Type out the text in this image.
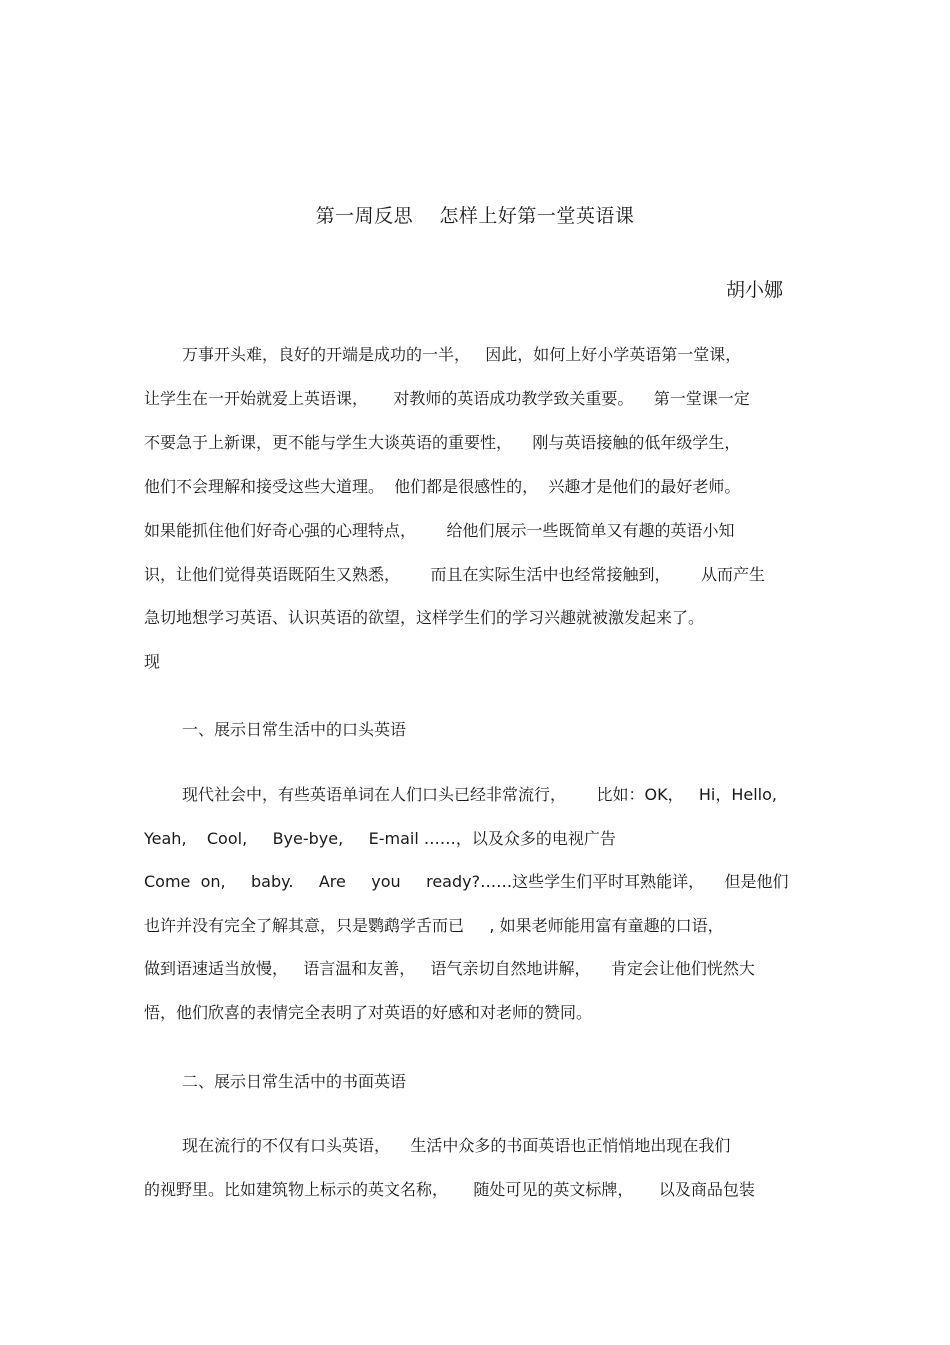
第一周反思    怎样上好第一堂英语课
胡小娜
万事开头难，良好的开端是成功的一半，   因此，如何上好小学英语第一堂课，
让学生在一开始就爱上英语课，     对教师的英语成功教学致关重要。    第一堂课一定
不要急于上新课，更不能与学生大谈英语的重要性，    刚与英语接触的低年级学生，
他们不会理解和接受这些大道理。  他们都是很感性的，  兴趣才是他们的最好老师。
如果能抓住他们好奇心强的心理特点，      给他们展示一些既简单又有趣的英语小知
识，让他们觉得英语既陌生又熟悉，      而且在实际生活中也经常接触到，      从而产生
急切地想学习英语、认识英语的欲望，这样学生们的学习兴趣就被激发起来了。
现
一、展示日常生活中的口头英语
现代社会中，有些英语单词在人们口头已经非常流行，      比如：OK，   Hi，Hello,
Yeah,    Cool,     Bye-bye,     E-mail ……，以及众多的电视广告
Come  on,     baby.     Are     you     ready?……这些学生们平时耳熟能详，    但是他们
也许并没有完全了解其意，只是鹦鹉学舌而已     , 如果老师能用富有童趣的口语，
做到语速适当放慢，   语言温和友善，   语气亲切自然地讲解，    肯定会让他们恍然大
悟，他们欣喜的表情完全表明了对英语的好感和对老师的赞同。
二、展示日常生活中的书面英语
现在流行的不仅有口头英语，    生活中众多的书面英语也正悄悄地出现在我们
的视野里。比如建筑物上标示的英文名称，     随处可见的英文标牌，     以及商品包装
